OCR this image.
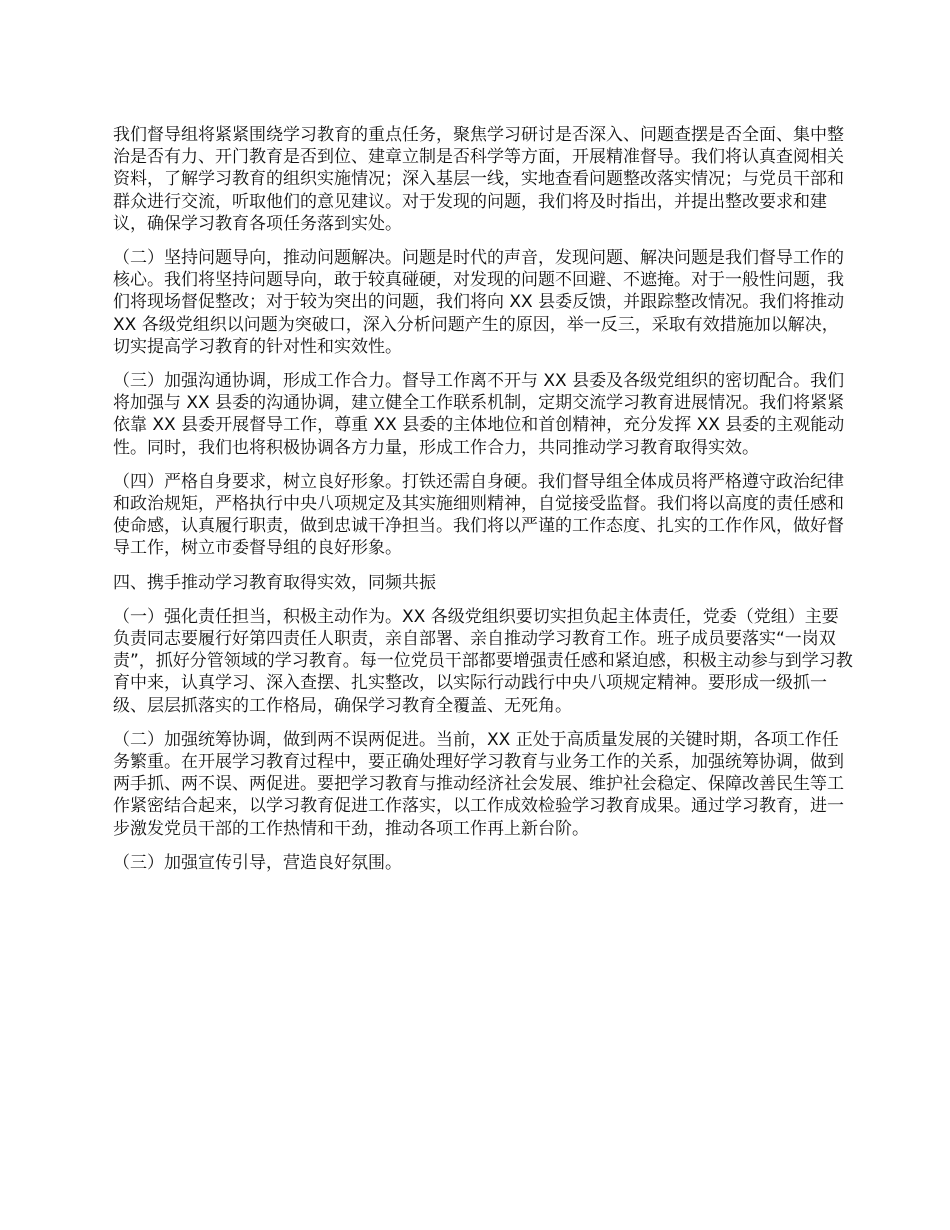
我们督导组将紧紧围绕学习教育的重点任务，聚焦学习研讨是否深入、问题查摆是否全面、集中整治是否有力、开门教育是否到位、建章立制是否科学等方面，开展精准督导。我们将认真查阅相关资料，了解学习教育的组织实施情况；深入基层一线，实地查看问题整改落实情况；与党员干部和群众进行交流，听取他们的意见建议。对于发现的问题，我们将及时指出，并提出整改要求和建议，确保学习教育各项任务落到实处。

（二）坚持问题导向，推动问题解决。问题是时代的声音，发现问题、解决问题是我们督导工作的核心。我们将坚持问题导向，敢于较真碰硬，对发现的问题不回避、不遮掩。对于一般性问题，我们将现场督促整改；对于较为突出的问题，我们将向 XX 县委反馈，并跟踪整改情况。我们将推动 XX 各级党组织以问题为突破口，深入分析问题产生的原因，举一反三，采取有效措施加以解决，切实提高学习教育的针对性和实效性。

（三）加强沟通协调，形成工作合力。督导工作离不开与 XX 县委及各级党组织的密切配合。我们将加强与 XX 县委的沟通协调，建立健全工作联系机制，定期交流学习教育进展情况。我们将紧紧依靠 XX 县委开展督导工作，尊重 XX 县委的主体地位和首创精神，充分发挥 XX 县委的主观能动性。同时，我们也将积极协调各方力量，形成工作合力，共同推动学习教育取得实效。

（四）严格自身要求，树立良好形象。打铁还需自身硬。我们督导组全体成员将严格遵守政治纪律和政治规矩，严格执行中央八项规定及其实施细则精神，自觉接受监督。我们将以高度的责任感和使命感，认真履行职责，做到忠诚干净担当。我们将以严谨的工作态度、扎实的工作作风，做好督导工作，树立市委督导组的良好形象。

四、携手推动学习教育取得实效，同频共振

（一）强化责任担当，积极主动作为。XX 各级党组织要切实担负起主体责任，党委（党组）主要负责同志要履行好第四责任人职责，亲自部署、亲自推动学习教育工作。班子成员要落实“一岗双责”，抓好分管领域的学习教育。每一位党员干部都要增强责任感和紧迫感，积极主动参与到学习教育中来，认真学习、深入查摆、扎实整改，以实际行动践行中央八项规定精神。要形成一级抓一级、层层抓落实的工作格局，确保学习教育全覆盖、无死角。

（二）加强统筹协调，做到两不误两促进。当前，XX 正处于高质量发展的关键时期，各项工作任务繁重。在开展学习教育过程中，要正确处理好学习教育与业务工作的关系，加强统筹协调，做到两手抓、两不误、两促进。要把学习教育与推动经济社会发展、维护社会稳定、保障改善民生等工作紧密结合起来，以学习教育促进工作落实，以工作成效检验学习教育成果。通过学习教育，进一步激发党员干部的工作热情和干劲，推动各项工作再上新台阶。

（三）加强宣传引导，营造良好氛围。
